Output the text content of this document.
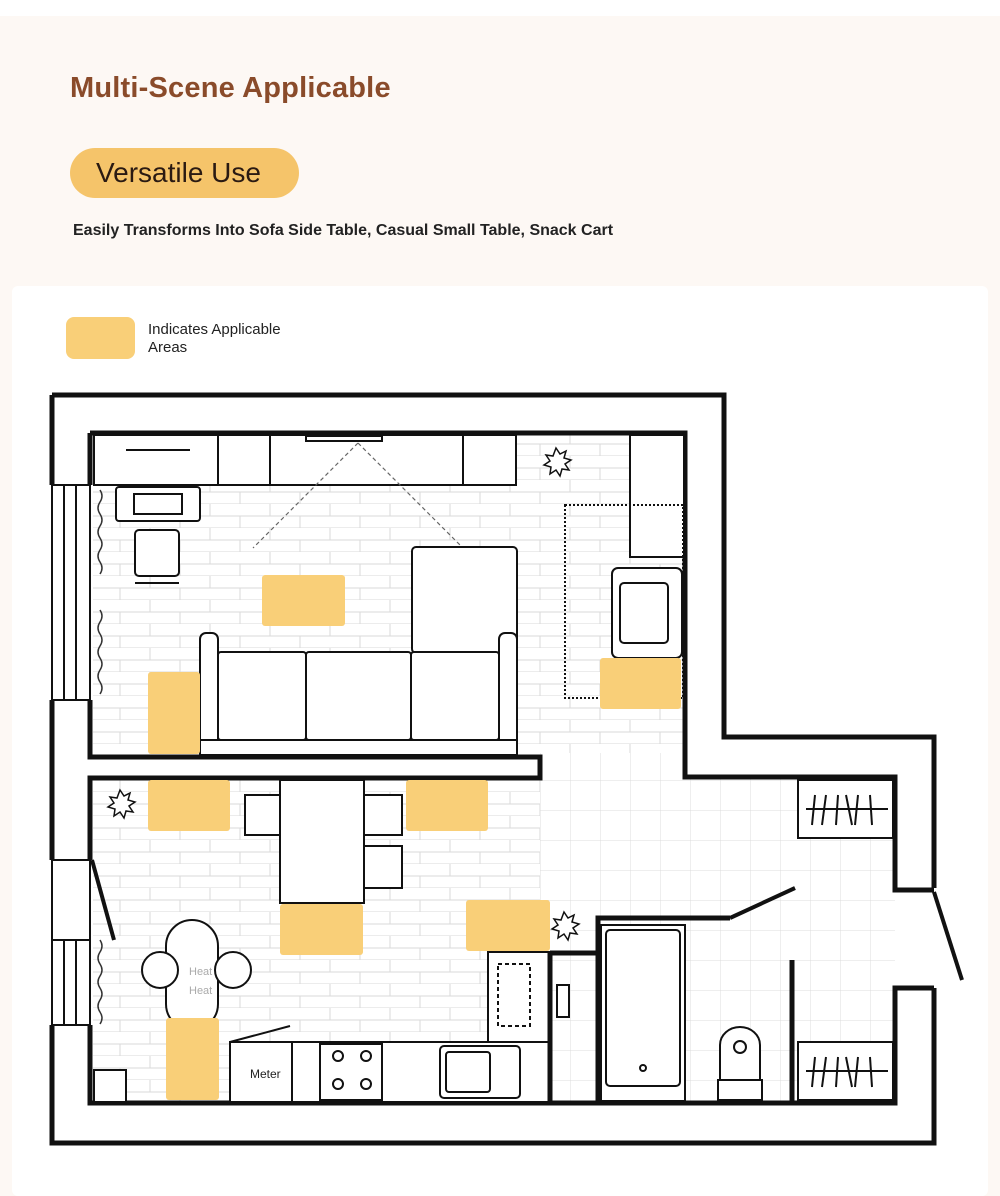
Multi-Scene Applicable
Versatile Use
Easily Transforms Into Sofa Side Table, Casual Small Table, Snack Cart
Indicates Applicable Areas
Heat
Heat
Meter
